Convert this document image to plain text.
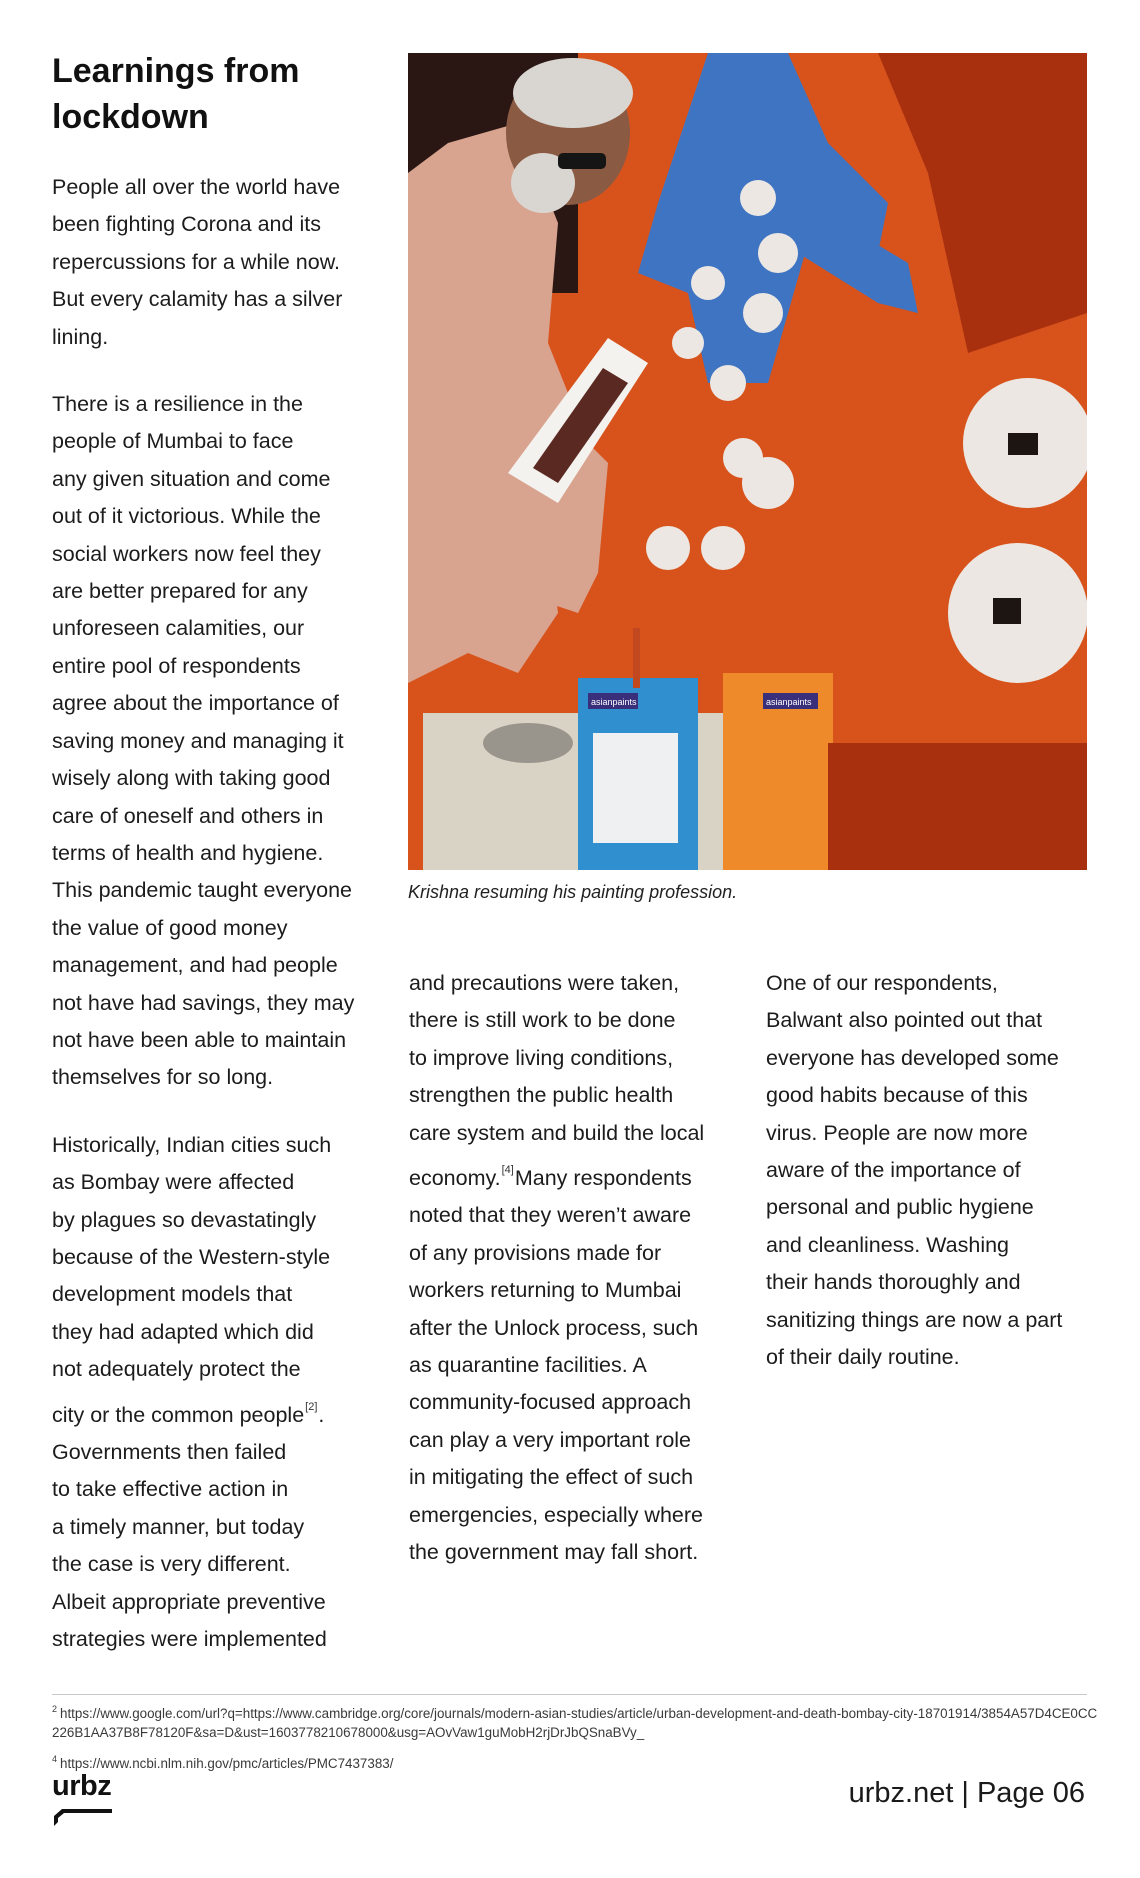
Learnings from lockdown

People all over the world have
been fighting Corona and its
repercussions for a while now.
But every calamity has a silver
lining.

There is a resilience in the
people of Mumbai to face
any given situation and come
out of it victorious. While the
social workers now feel they
are better prepared for any
unforeseen calamities, our
entire pool of respondents
agree about the importance of
saving money and managing it
wisely along with taking good
care of oneself and others in
terms of health and hygiene.
This pandemic taught everyone
the value of good money
management, and had people
not have had savings, they may
not have been able to maintain
themselves for so long.

Historically, Indian cities such
as Bombay were affected
by plagues so devastatingly
because of the Western-style
development models that
they had adapted which did
not adequately protect the
city or the common people[2].
Governments then failed
to take effective action in
a timely manner, but today
the case is very different.
Albeit appropriate preventive
strategies were implemented

asianpaints	asianpaints
Krishna resuming his painting profession.

and precautions were taken,
there is still work to be done
to improve living conditions,
strengthen the public health
care system and build the local
economy.[4]Many respondents
noted that they weren’t aware
of any provisions made for
workers returning to Mumbai
after the Unlock process, such
as quarantine facilities. A
community-focused approach
can play a very important role
in mitigating the effect of such
emergencies, especially where
the government may fall short.

One of our respondents,
Balwant also pointed out that
everyone has developed some
good habits because of this
virus. People are now more
aware of the importance of
personal and public hygiene
and cleanliness. Washing
their hands thoroughly and
sanitizing things are now a part
of their daily routine.

$^2$ https://www.google.com/url?q=https://www.cambridge.org/core/journals/modern-asian-studies/article/urban-development-and-death-bombay-city-18701914/3854A57D4CE0CC226B1AA37B8F78120F&sa=D&ust=1603778210678000&usg=AOvVaw1guMobH2rjDrJbQSnaBVy_

$^4$ https://www.ncbi.nlm.nih.gov/pmc/articles/PMC7437383/

urbz	urbz.net | Page 06
